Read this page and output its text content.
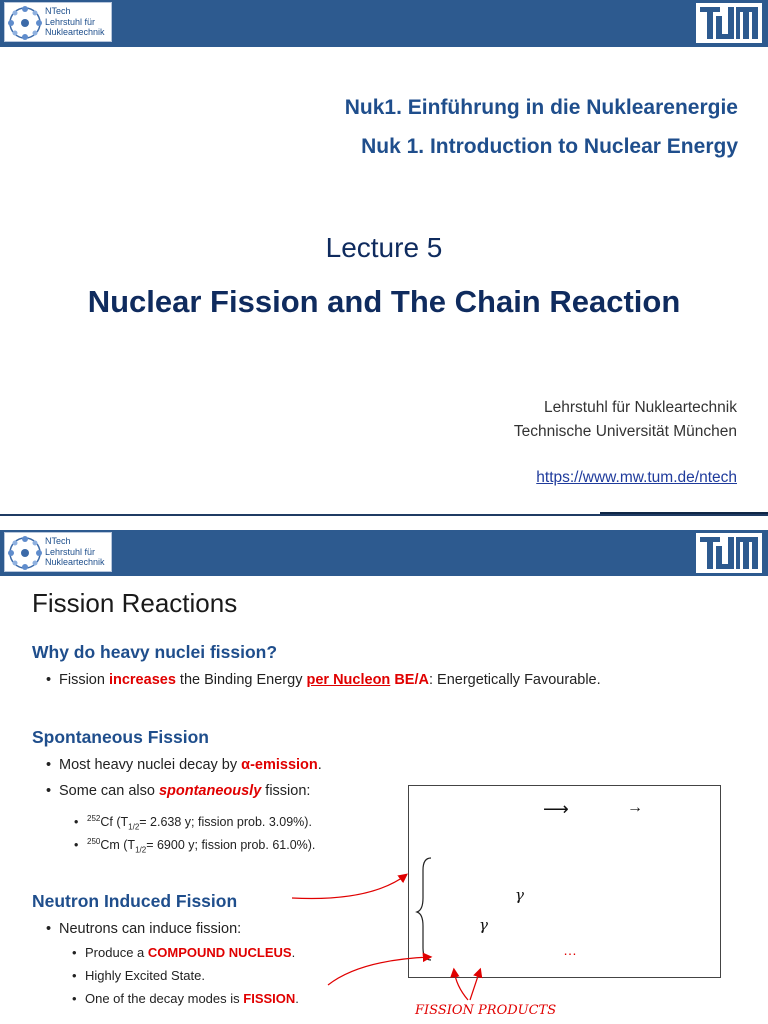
NTech
Lehrstuhl für
Nukleartechnik
Nuk1. Einführung in die Nuklearenergie
Nuk 1. Introduction to Nuclear Energy
Lecture 5
Nuclear Fission and The Chain Reaction
Lehrstuhl für Nukleartechnik
Technische Universität München
https://www.mw.tum.de/ntech
NTech
Lehrstuhl für
Nukleartechnik
Fission Reactions
Why do heavy nuclei fission?
• Fission increases the Binding Energy per Nucleon BE/A: Energetically Favourable.
Spontaneous Fission
• Most heavy nuclei decay by α-emission.
• Some can also spontaneously fission:
• $^{252}$Cf ($T_{1/2}= 2.638$ y; fission prob. 3.09%).
• $^{250}$Cm ($T_{1/2}= 6900$ y; fission prob. 61.0%).
Neutron Induced Fission
• Neutrons can induce fission:
• Produce a COMPOUND NUCLEUS.
• Highly Excited State.
• One of the decay modes is FISSION.
⟶	→
γ
γ
…
FISSION PRODUCTS
